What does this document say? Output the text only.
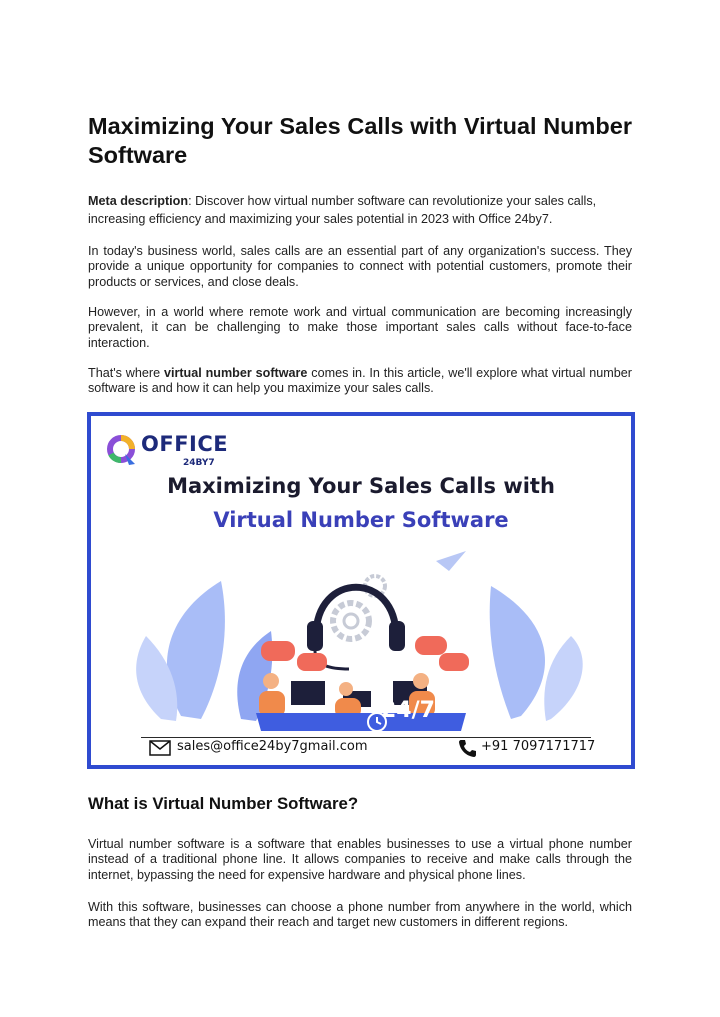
Maximizing Your Sales Calls with Virtual Number Software

Meta description: Discover how virtual number software can revolutionize your sales calls, increasing efficiency and maximizing your sales potential in 2023 with Office 24by7.

In today's business world, sales calls are an essential part of any organization's success. They provide a unique opportunity for companies to connect with potential customers, promote their products or services, and close deals.

However, in a world where remote work and virtual communication are becoming increasingly prevalent, it can be challenging to make those important sales calls without face-to-face interaction.

That's where virtual number software comes in. In this article, we'll explore what virtual number software is and how it can help you maximize your sales calls.

OFFICE
24BY7
Maximizing Your Sales Calls with
Virtual Number Software
24/7
sales@office24by7gmail.com	+91 7097171717
What is Virtual Number Software?

Virtual number software is a software that enables businesses to use a virtual phone number instead of a traditional phone line. It allows companies to receive and make calls through the internet, bypassing the need for expensive hardware and physical phone lines.

With this software, businesses can choose a phone number from anywhere in the world, which means that they can expand their reach and target new customers in different regions.
